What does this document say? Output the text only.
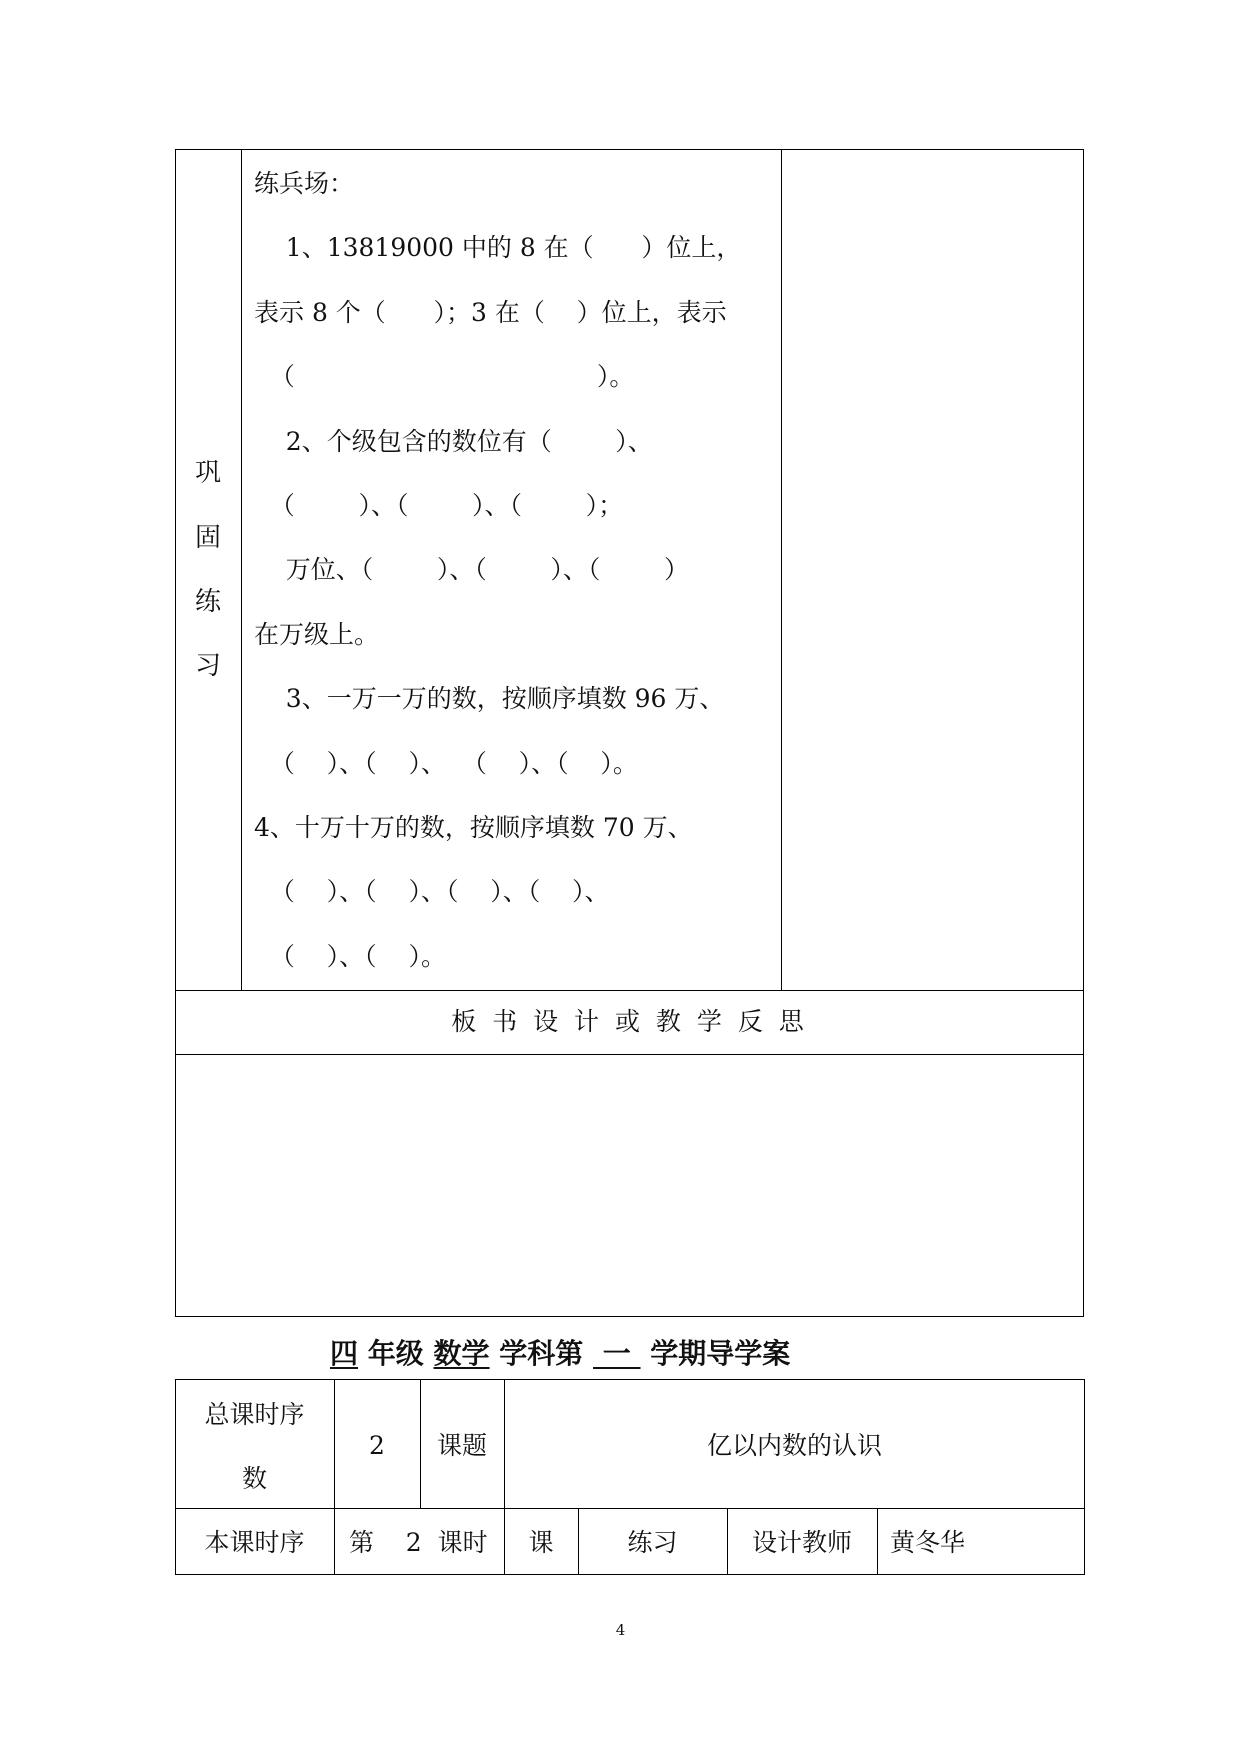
巩
固
练
习
练兵场：
1、13819000 中的 8 在（      ）位上，
表示 8 个（      ）；3 在（    ）位上，表示
（                                      ）。
2、个级包含的数位有（        ）、
（        ）、（        ）、（        ）；
万位、（        ）、（        ）、（        ）
在万级上。
3、一万一万的数，按顺序填数 96 万、
（    ）、（    ）、  （    ）、（    ）。
4、十万十万的数，按顺序填数 70 万、
（    ）、（    ）、（    ）、（    ）、
（    ）、（    ）。
板 书 设 计 或 教 学 反 思
四 年级 数学 学科第  一  学期导学案
总课时序
数
2	课题	亿以内数的认识
本课时序	第    2  课时	课	练习	设计教师	黄冬华
4
